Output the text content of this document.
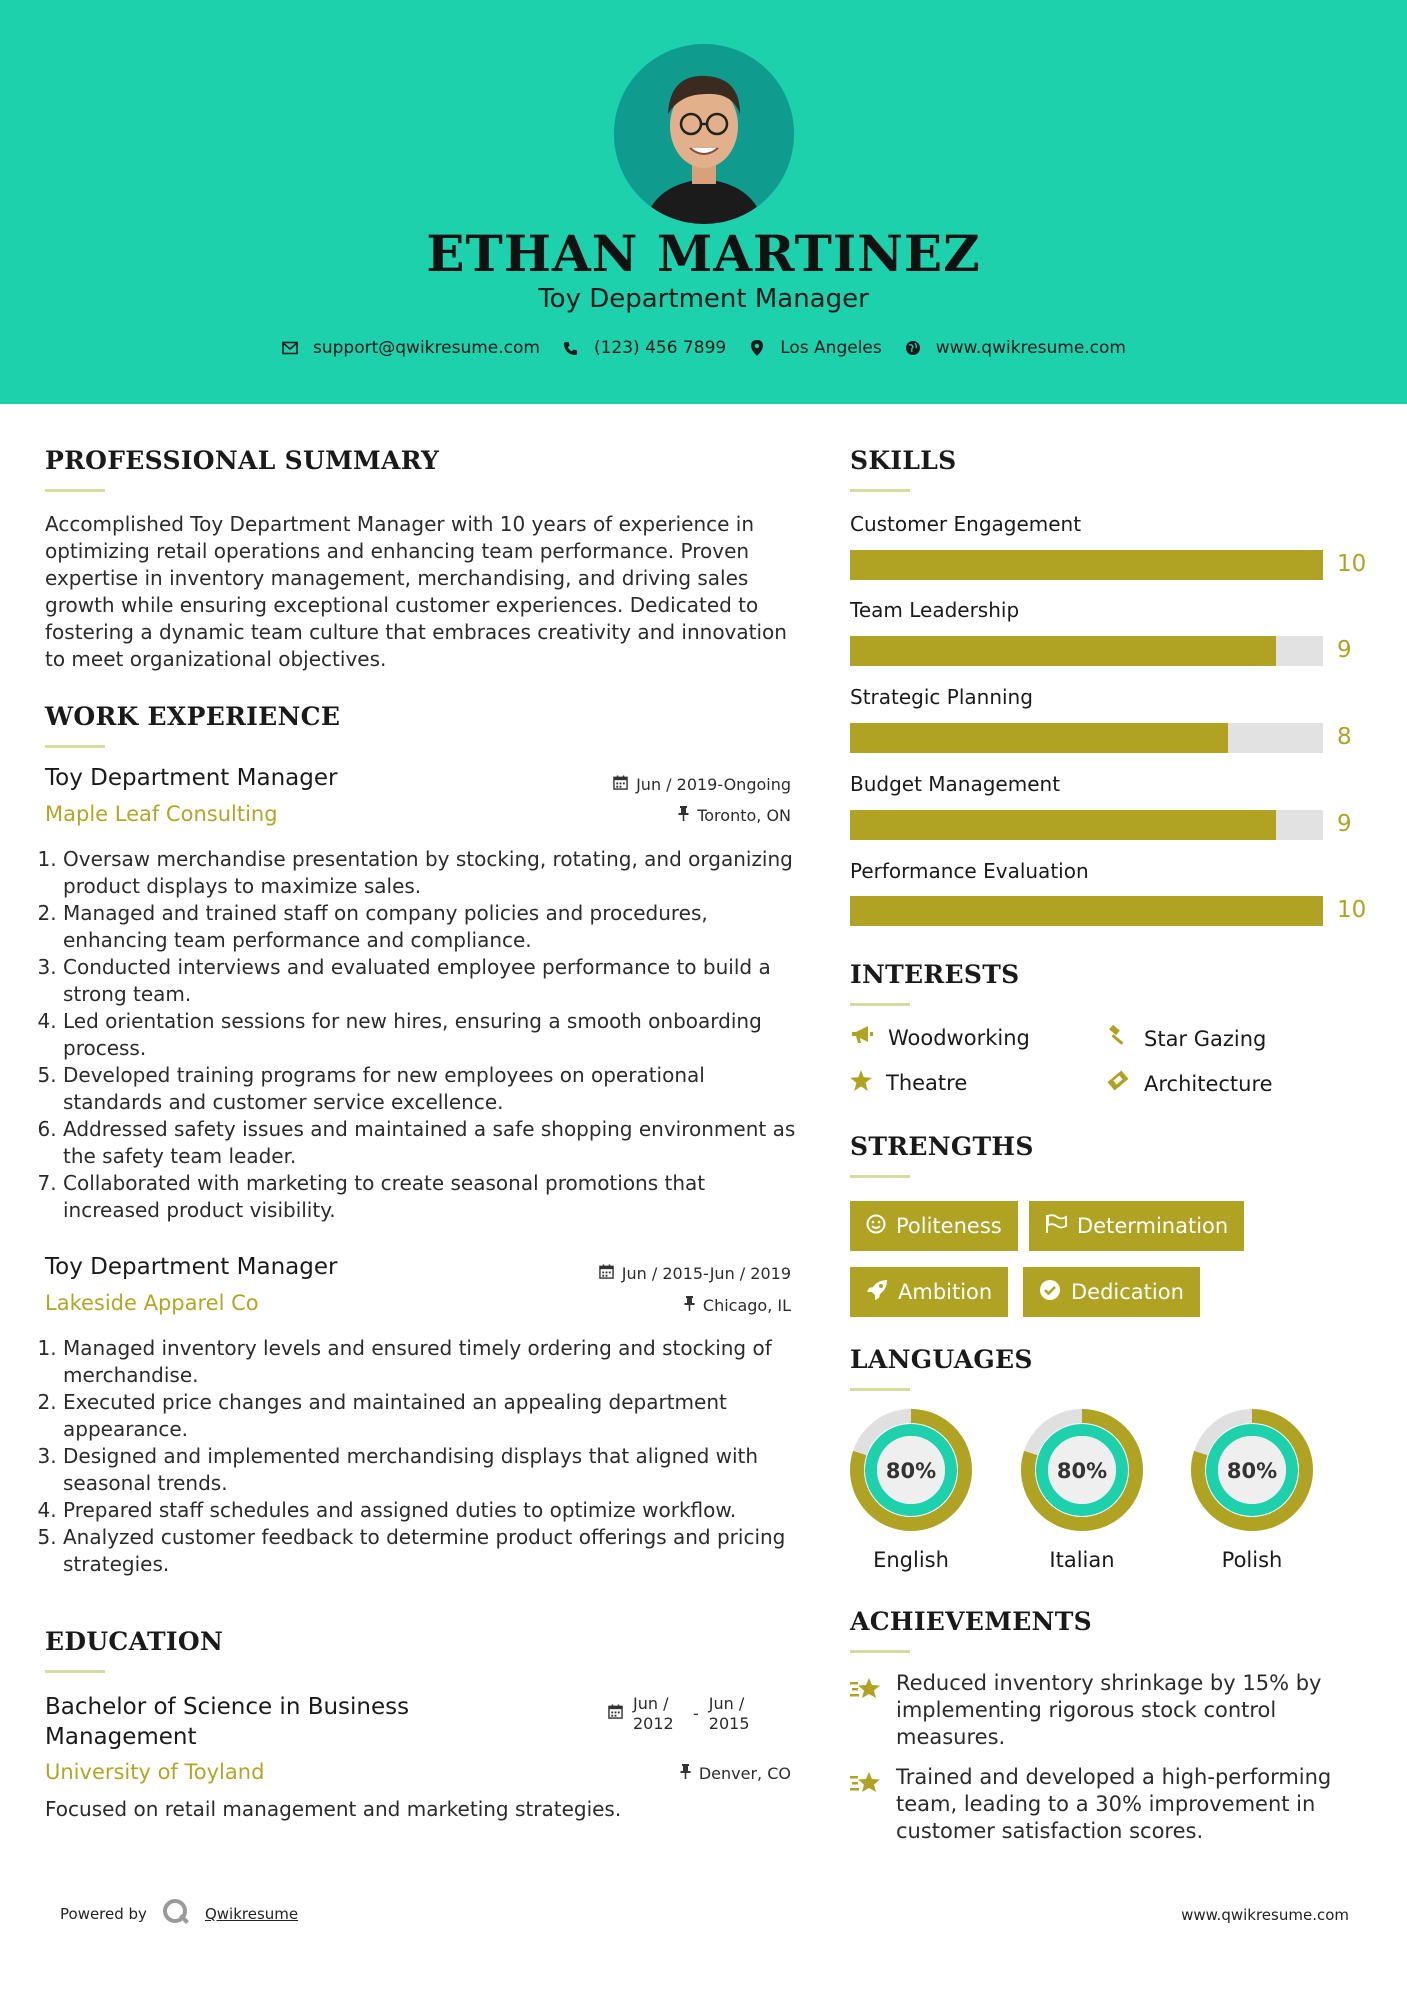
ETHAN MARTINEZ
Toy Department Manager
support@qwikresume.com	(123) 456 7899	Los Angeles	www.qwikresume.com
PROFESSIONAL SUMMARY
Accomplished Toy Department Manager with 10 years of experience in optimizing retail operations and enhancing team performance. Proven expertise in inventory management, merchandising, and driving sales growth while ensuring exceptional customer experiences. Dedicated to fostering a dynamic team culture that embraces creativity and innovation to meet organizational objectives.
WORK EXPERIENCE
Toy Department Manager	Jun / 2019-Ongoing
Maple Leaf Consulting	Toronto, ON
1. Oversaw merchandise presentation by stocking, rotating, and organizing product displays to maximize sales.
2. Managed and trained staff on company policies and procedures, enhancing team performance and compliance.
3. Conducted interviews and evaluated employee performance to build a strong team.
4. Led orientation sessions for new hires, ensuring a smooth onboarding process.
5. Developed training programs for new employees on operational standards and customer service excellence.
6. Addressed safety issues and maintained a safe shopping environment as the safety team leader.
7. Collaborated with marketing to create seasonal promotions that increased product visibility.
Toy Department Manager	Jun / 2015-Jun / 2019
Lakeside Apparel Co	Chicago, IL
1. Managed inventory levels and ensured timely ordering and stocking of merchandise.
2. Executed price changes and maintained an appealing department appearance.
3. Designed and implemented merchandising displays that aligned with seasonal trends.
4. Prepared staff schedules and assigned duties to optimize workflow.
5. Analyzed customer feedback to determine product offerings and pricing strategies.
EDUCATION
Bachelor of Science in Business
Management
Jun /
2012
-
Jun /
2015
University of Toyland	Denver, CO
Focused on retail management and marketing strategies.
SKILLS
Customer Engagement
10
Team Leadership
9
Strategic Planning
8
Budget Management
9
Performance Evaluation
10
INTERESTS
Woodworking	Star Gazing
Theatre	Architecture
STRENGTHS
Politeness	Determination
Ambition	Dedication
LANGUAGES
80%
English
80%
Italian
80%
Polish
ACHIEVEMENTS
Reduced inventory shrinkage by 15% by implementing rigorous stock control measures.
Trained and developed a high-performing team, leading to a 30% improvement in customer satisfaction scores.
Powered by	Qwikresume	www.qwikresume.com
